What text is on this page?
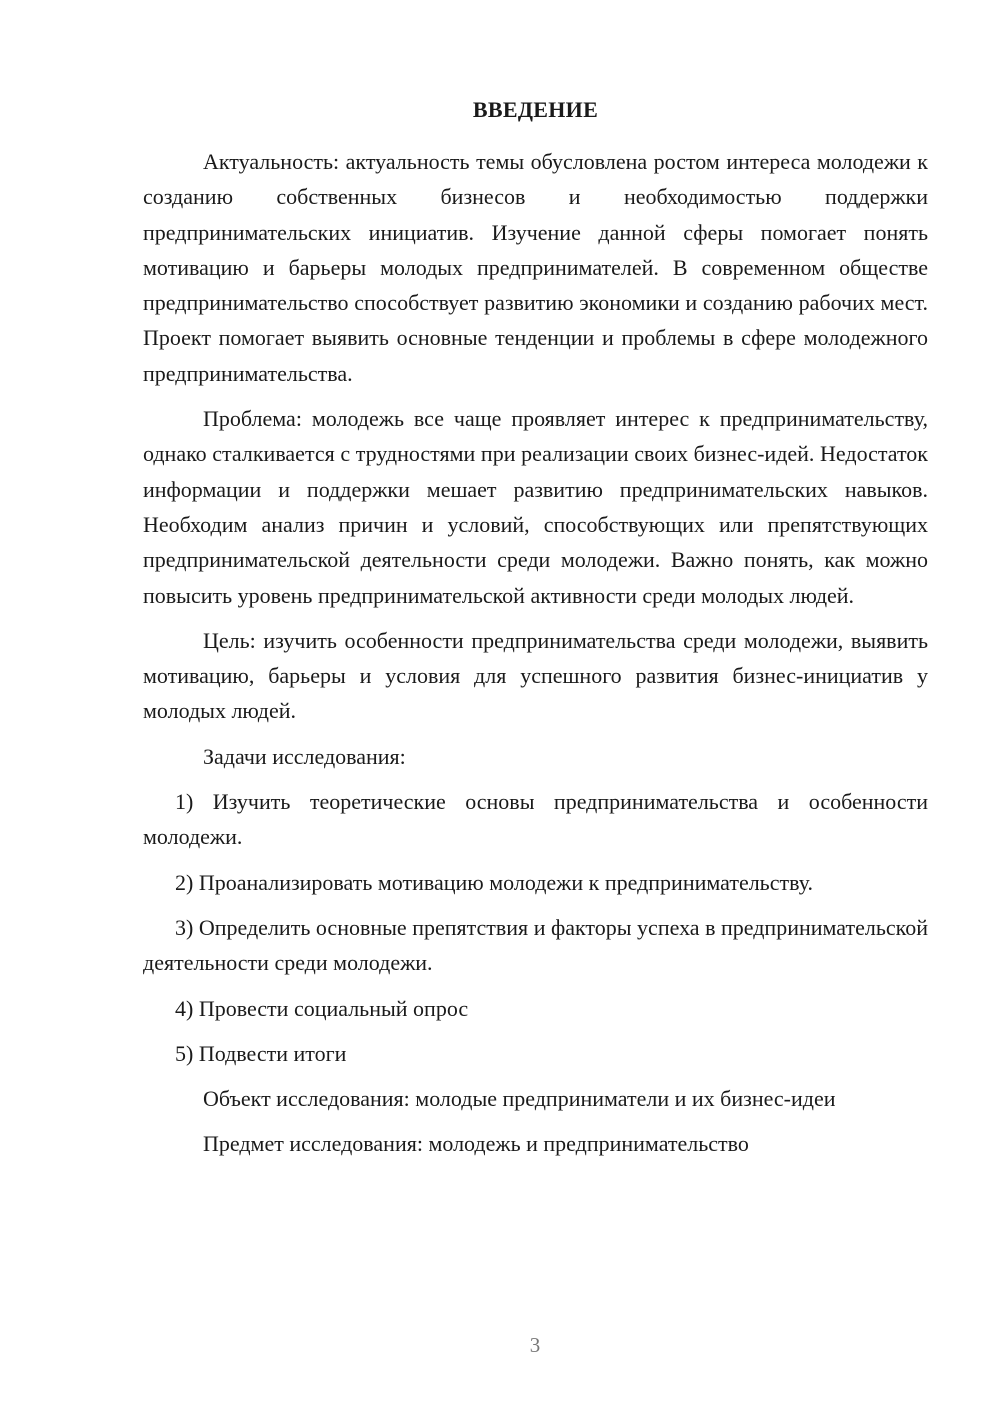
ВВЕДЕНИЕ

Актуальность: актуальность темы обусловлена ростом интереса молодежи к созданию собственных бизнесов и необходимостью поддержки предпринимательских инициатив. Изучение данной сферы помогает понять мотивацию и барьеры молодых предпринимателей. В современном обществе предпринимательство способствует развитию экономики и созданию рабочих мест. Проект помогает выявить основные тенденции и проблемы в сфере молодежного предпринимательства.

Проблема: молодежь все чаще проявляет интерес к предпринимательству, однако сталкивается с трудностями при реализации своих бизнес-идей. Недостаток информации и поддержки мешает развитию предпринимательских навыков. Необходим анализ причин и условий, способствующих или препятствующих предпринимательской деятельности среди молодежи. Важно понять, как можно повысить уровень предпринимательской активности среди молодых людей.

Цель: изучить особенности предпринимательства среди молодежи, выявить мотивацию, барьеры и условия для успешного развития бизнес-инициатив у молодых людей.

Задачи исследования:

1) Изучить теоретические основы предпринимательства и особенности молодежи.

2) Проанализировать мотивацию молодежи к предпринимательству.

3) Определить основные препятствия и факторы успеха в предпринимательской деятельности среди молодежи.

4) Провести социальный опрос

5) Подвести итоги

Объект исследования: молодые предприниматели и их бизнес-идеи

Предмет исследования: молодежь и предпринимательство

3
